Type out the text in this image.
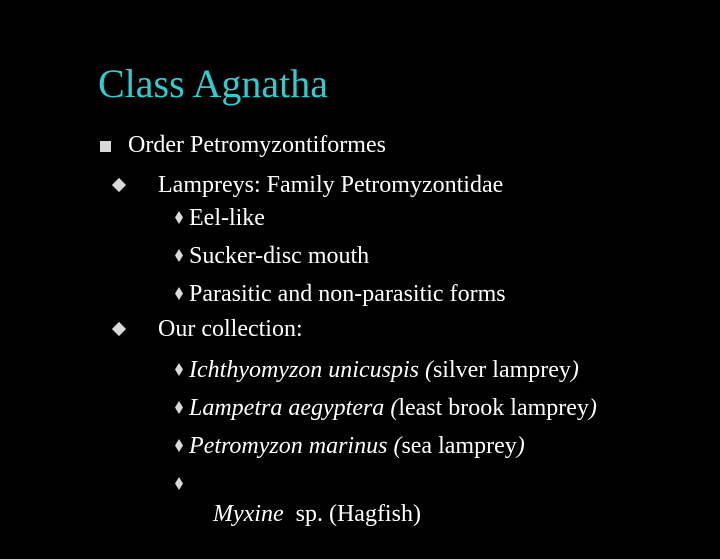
Class Agnatha
Order Petromyzontiformes
Lampreys: Family Petromyzontidae
Eel-like
Sucker-disc mouth
Parasitic and non-parasitic forms
Our collection:
Ichthyomyzon unicuspis (silver lamprey)
Lampetra aegyptera (least brook lamprey)
Petromyzon marinus (sea lamprey)

Myxine  sp. (Hagfish)
